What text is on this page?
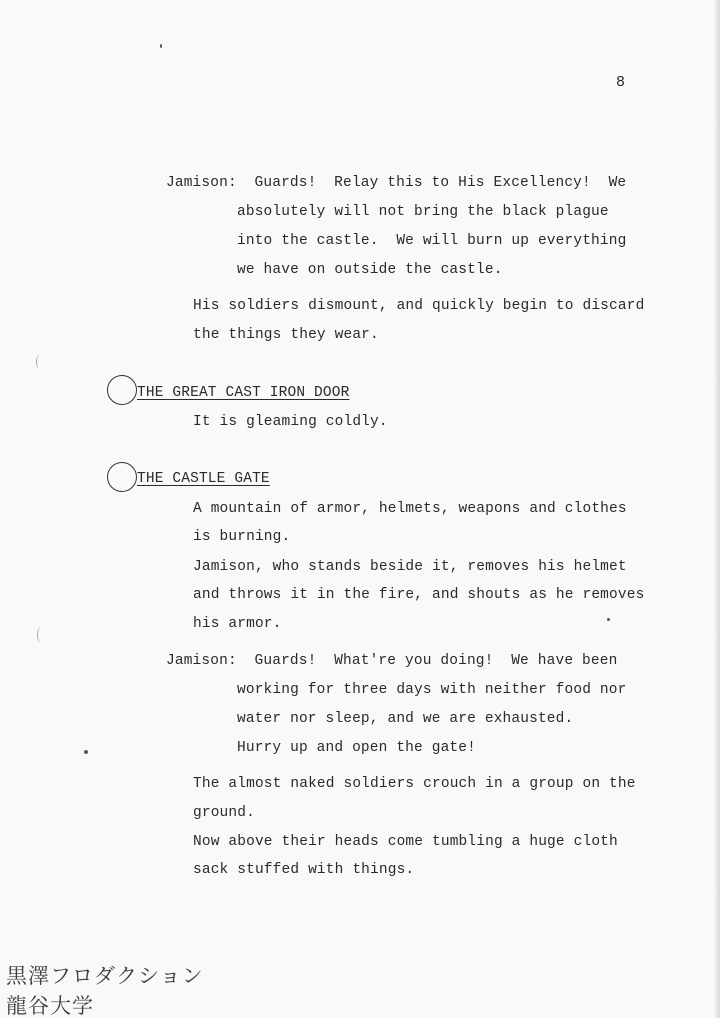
8
Jamison:  Guards!  Relay this to His Excellency!  We
absolutely will not bring the black plague
into the castle.  We will burn up everything
we have on outside the castle.
His soldiers dismount, and quickly begin to discard
the things they wear.
THE GREAT CAST IRON DOOR
It is gleaming coldly.
THE CASTLE GATE
A mountain of armor, helmets, weapons and clothes
is burning.
Jamison, who stands beside it, removes his helmet
and throws it in the fire, and shouts as he removes
his armor.
Jamison:  Guards!  What're you doing!  We have been
working for three days with neither food nor
water nor sleep, and we are exhausted.
Hurry up and open the gate!
The almost naked soldiers crouch in a group on the
ground.
Now above their heads come tumbling a huge cloth
sack stuffed with things.
黒澤フロダクション
龍谷大学
